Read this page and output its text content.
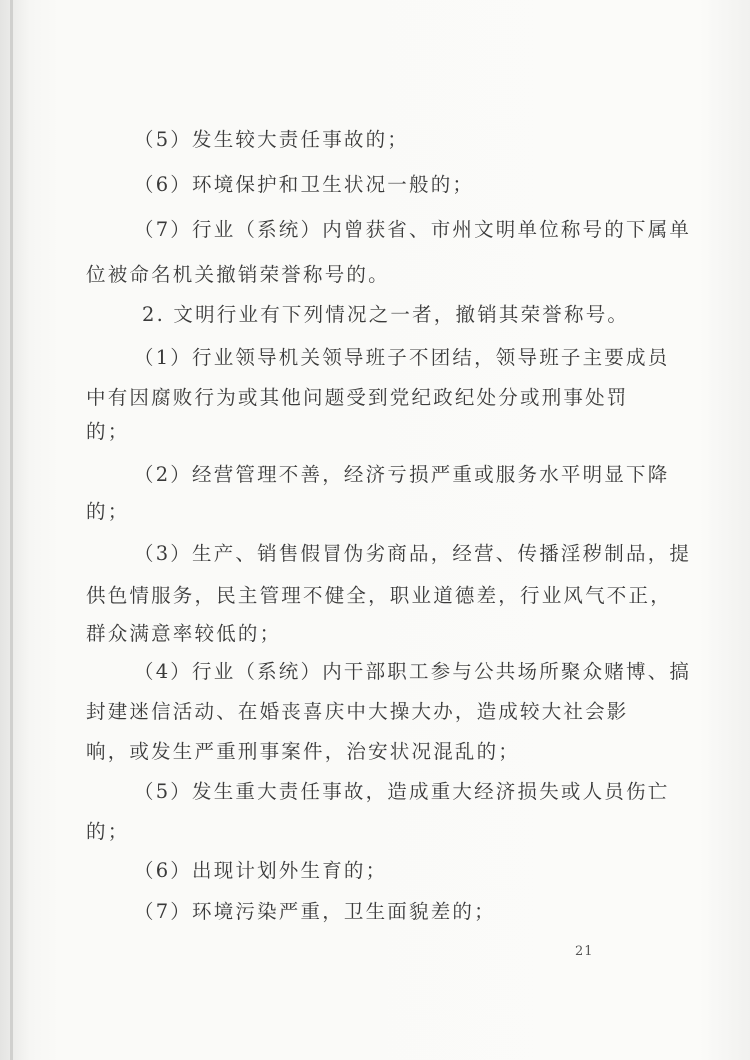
（5）发生较大责任事故的；
（6）环境保护和卫生状况一般的；
（7）行业（系统）内曾获省、市州文明单位称号的下属单
位被命名机关撤销荣誉称号的。
2. 文明行业有下列情况之一者，撤销其荣誉称号。
（1）行业领导机关领导班子不团结，领导班子主要成员
中有因腐败行为或其他问题受到党纪政纪处分或刑事处罚
的；
（2）经营管理不善，经济亏损严重或服务水平明显下降
的；
（3）生产、销售假冒伪劣商品，经营、传播淫秽制品，提
供色情服务，民主管理不健全，职业道德差，行业风气不正，
群众满意率较低的；
（4）行业（系统）内干部职工参与公共场所聚众赌博、搞
封建迷信活动、在婚丧喜庆中大操大办，造成较大社会影
响，或发生严重刑事案件，治安状况混乱的；
（5）发生重大责任事故，造成重大经济损失或人员伤亡
的；
（6）出现计划外生育的；
（7）环境污染严重，卫生面貌差的；
21
